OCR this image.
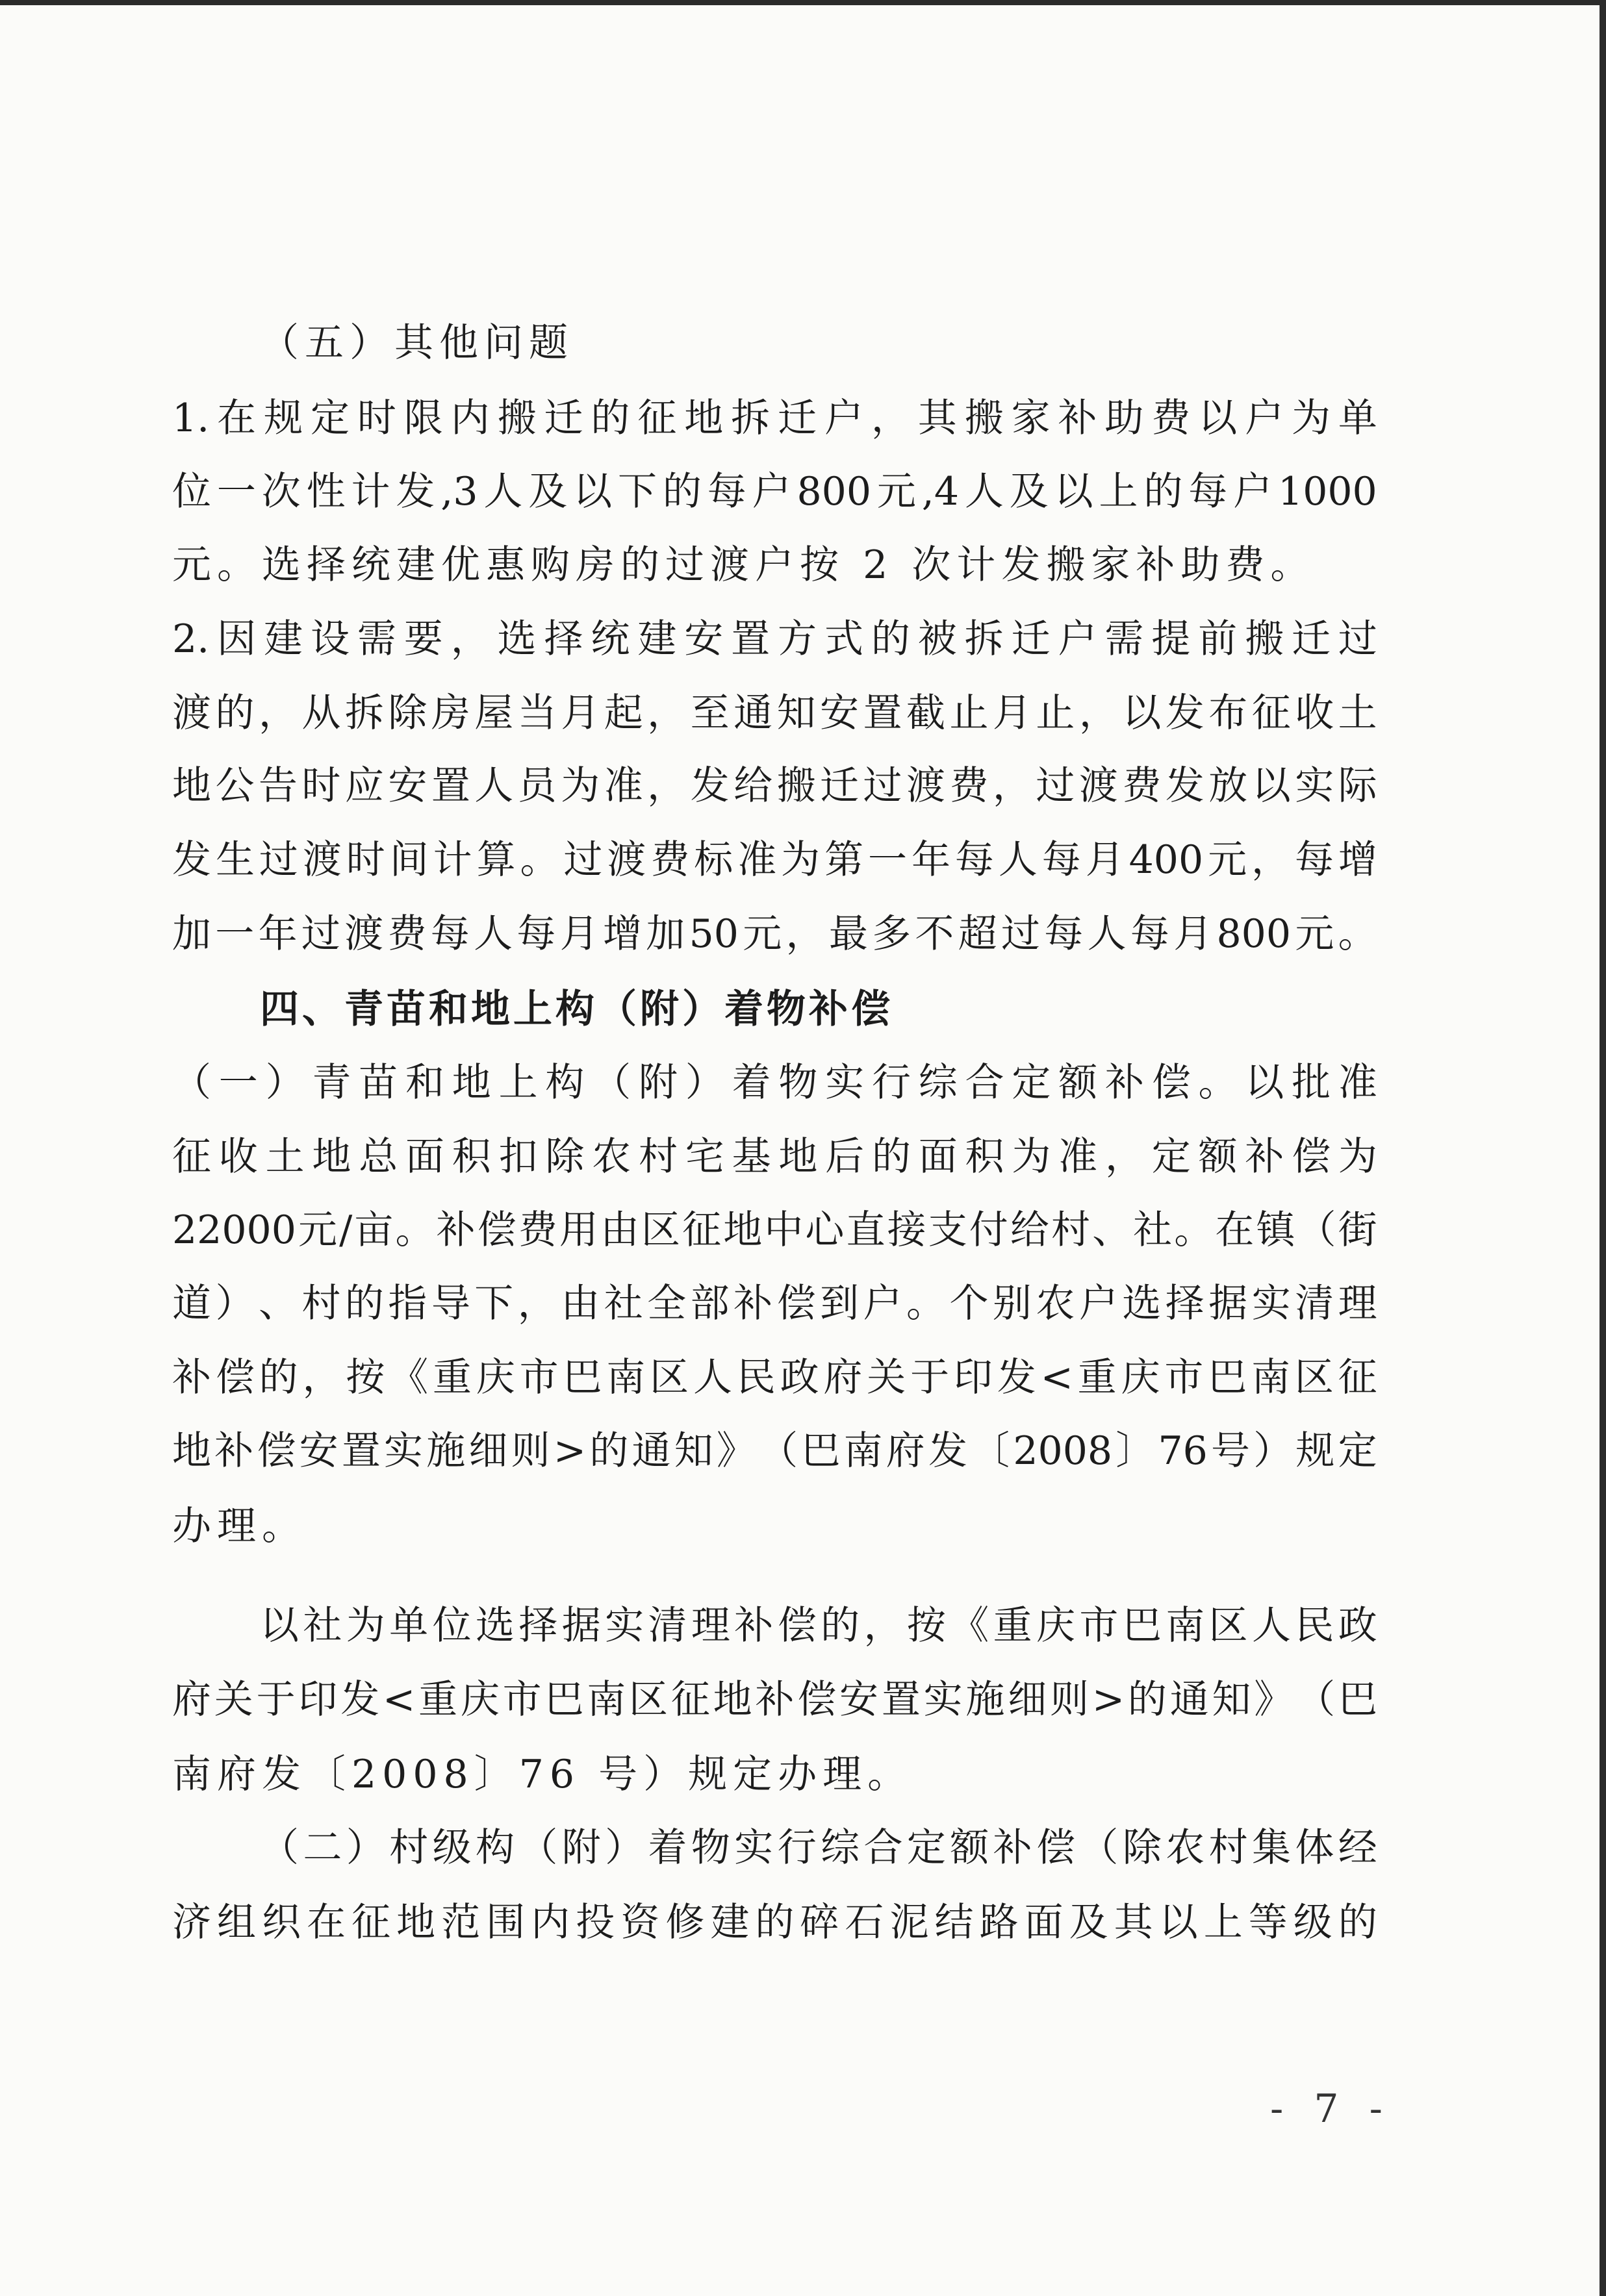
（五）其他问题
1. 在 规 定 时 限 内 搬 迁 的 征 地 拆 迁 户 ， 其 搬 家 补 助 费 以 户 为 单
位 一 次 性 计 发 ,3 人 及 以 下 的 每 户 800 元 ,4 人 及 以 上 的 每 户 1000
元。选择统建优惠购房的过渡户按 2 次计发搬家补助费。
2. 因 建 设 需 要 ， 选 择 统 建 安 置 方 式 的 被 拆 迁 户 需 提 前 搬 迁 过
渡 的 ， 从 拆 除 房 屋 当 月 起 ， 至 通 知 安 置 截 止 月 止 ， 以 发 布 征 收 土
地 公 告 时 应 安 置 人 员 为 准 ， 发 给 搬 迁 过 渡 费 ， 过 渡 费 发 放 以 实 际
发 生 过 渡 时 间 计 算 。 过 渡 费 标 准 为 第 一 年 每 人 每 月 400 元 ， 每 增
加 一 年 过 渡 费 每 人 每 月 增 加 50 元 ， 最 多 不 超 过 每 人 每 月 800 元 。
四、青苗和地上构（附）着物补偿
（ 一 ） 青 苗 和 地 上 构 （ 附 ） 着 物 实 行 综 合 定 额 补 偿 。 以 批 准
征 收 土 地 总 面 积 扣 除 农 村 宅 基 地 后 的 面 积 为 准 ， 定 额 补 偿 为
22000 元 / 亩 。 补 偿 费 用 由 区 征 地 中 心 直 接 支 付 给 村 、 社 。 在 镇 （ 街
道 ） 、 村 的 指 导 下 ， 由 社 全 部 补 偿 到 户 。 个 别 农 户 选 择 据 实 清 理
补 偿 的 ， 按 《 重 庆 市 巴 南 区 人 民 政 府 关 于 印 发 < 重 庆 市 巴 南 区 征
地 补 偿 安 置 实 施 细 则 > 的 通 知 》 （ 巴 南 府 发 〔 2008 〕 76 号 ） 规 定
办理。
以 社 为 单 位 选 择 据 实 清 理 补 偿 的 ， 按 《 重 庆 市 巴 南 区 人 民 政
府 关 于 印 发 < 重 庆 市 巴 南 区 征 地 补 偿 安 置 实 施 细 则 > 的 通 知 》 （ 巴
南府发〔2008〕76 号）规定办理。
（ 二 ） 村 级 构 （ 附 ） 着 物 实 行 综 合 定 额 补 偿 （ 除 农 村 集 体 经
济 组 织 在 征 地 范 围 内 投 资 修 建 的 碎 石 泥 结 路 面 及 其 以 上 等 级 的
- 7 -
